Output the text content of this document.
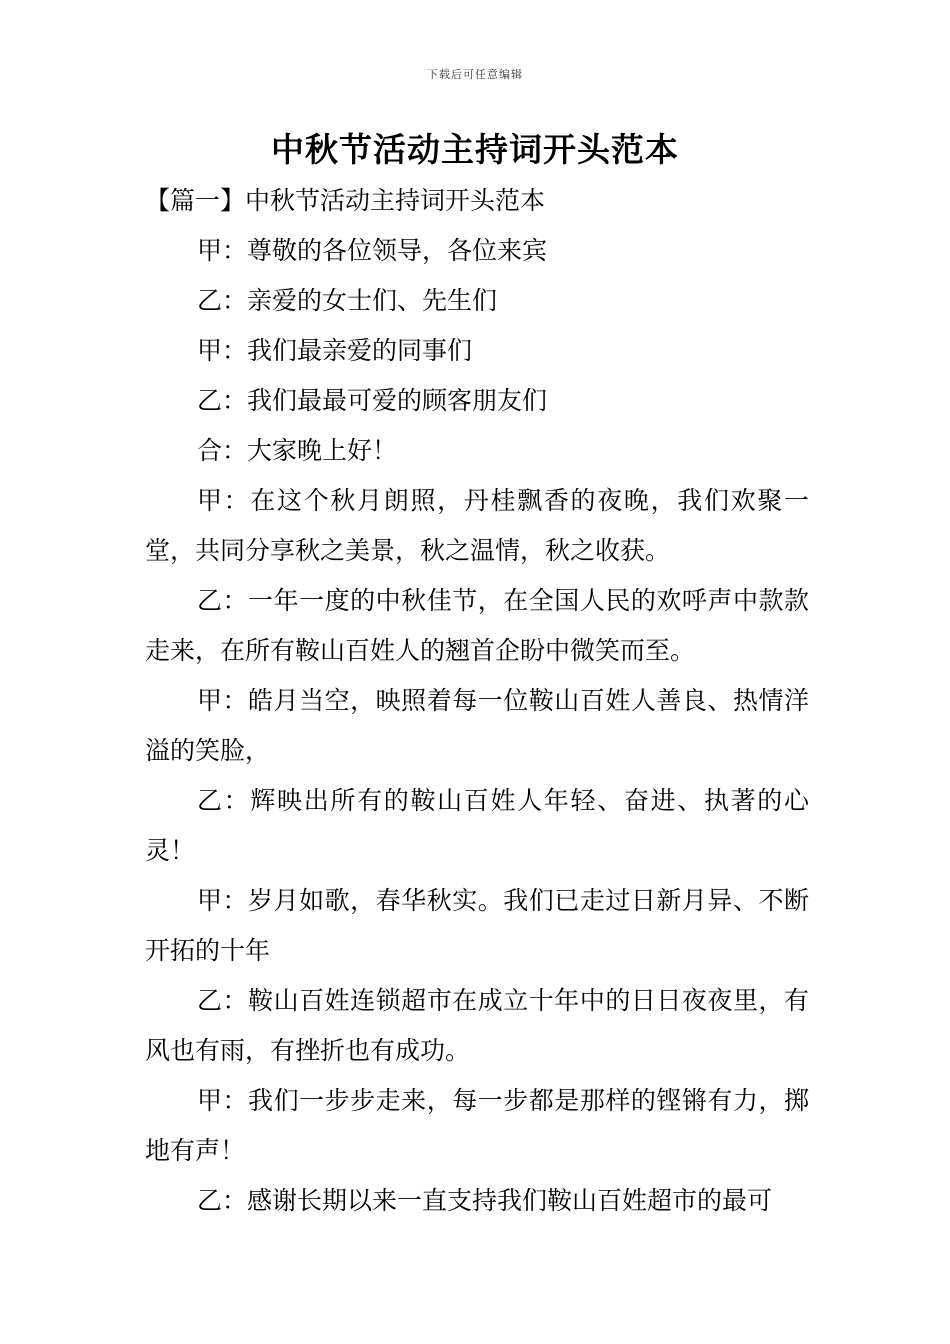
下载后可任意编辑
中秋节活动主持词开头范本
【篇一】中秋节活动主持词开头范本

甲：尊敬的各位领导，各位来宾

乙：亲爱的女士们、先生们

甲：我们最亲爱的同事们

乙：我们最最可爱的顾客朋友们

合：大家晚上好！

甲：在这个秋月朗照，丹桂飘香的夜晚，我们欢聚一堂，共同分享秋之美景，秋之温情，秋之收获。

乙：一年一度的中秋佳节，在全国人民的欢呼声中款款走来，在所有鞍山百姓人的翘首企盼中微笑而至。

甲：皓月当空，映照着每一位鞍山百姓人善良、热情洋溢的笑脸，

乙：辉映出所有的鞍山百姓人年轻、奋进、执著的心灵！

甲：岁月如歌，春华秋实。我们已走过日新月异、不断开拓的十年

乙：鞍山百姓连锁超市在成立十年中的日日夜夜里，有风也有雨，有挫折也有成功。

甲：我们一步步走来，每一步都是那样的铿锵有力，掷地有声！

乙：感谢长期以来一直支持我们鞍山百姓超市的最可
